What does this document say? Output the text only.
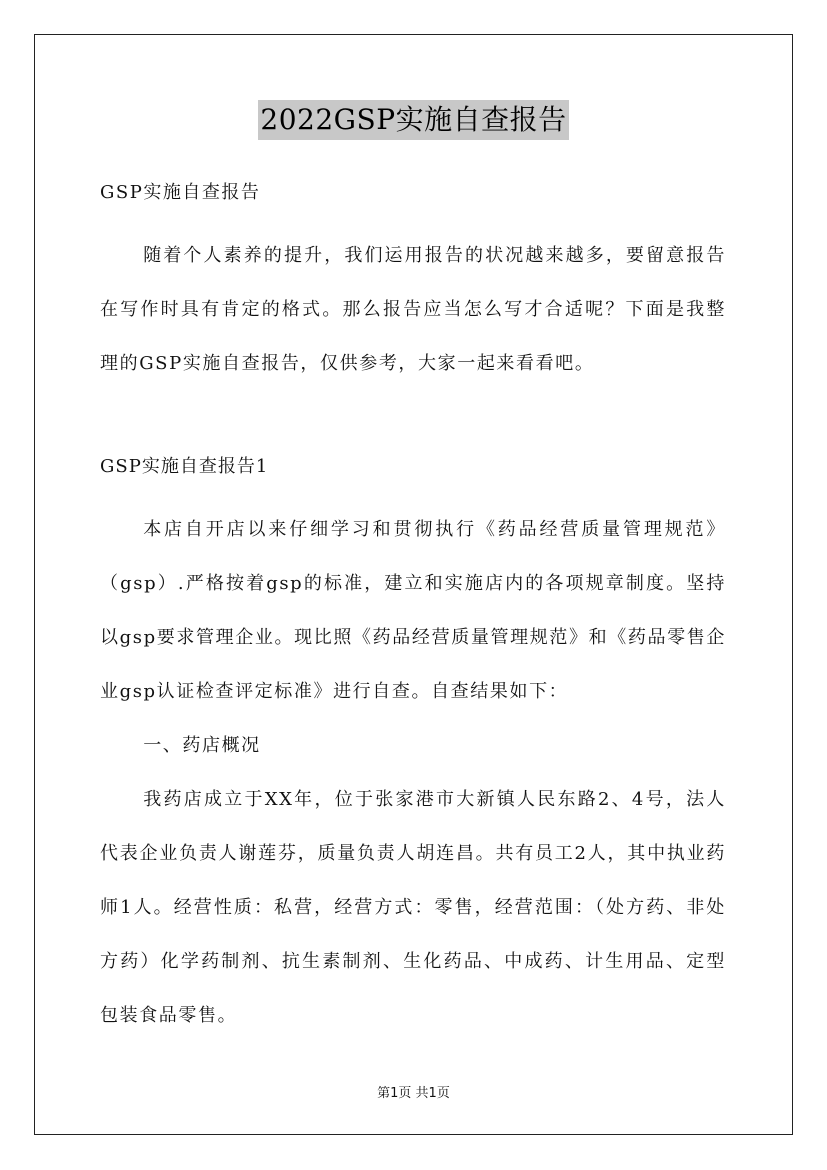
2022GSP实施自查报告

GSP实施自查报告

随着个人素养的提升，我们运用报告的状况越来越多，要留意报告在写作时具有肯定的格式。那么报告应当怎么写才合适呢？下面是我整理的GSP实施自查报告，仅供参考，大家一起来看看吧。

GSP实施自查报告1

本店自开店以来仔细学习和贯彻执行《药品经营质量管理规范》（gsp）.严格按着gsp的标准，建立和实施店内的各项规章制度。坚持以gsp要求管理企业。现比照《药品经营质量管理规范》和《药品零售企业gsp认证检查评定标准》进行自查。自查结果如下：

一、药店概况

我药店成立于XX年，位于张家港市大新镇人民东路2、4号，法人代表企业负责人谢莲芬，质量负责人胡连昌。共有员工2人，其中执业药师1人。经营性质：私营，经营方式：零售，经营范围：（处方药、非处方药）化学药制剂、抗生素制剂、生化药品、中成药、计生用品、定型包装食品零售。

第1页 共1页
